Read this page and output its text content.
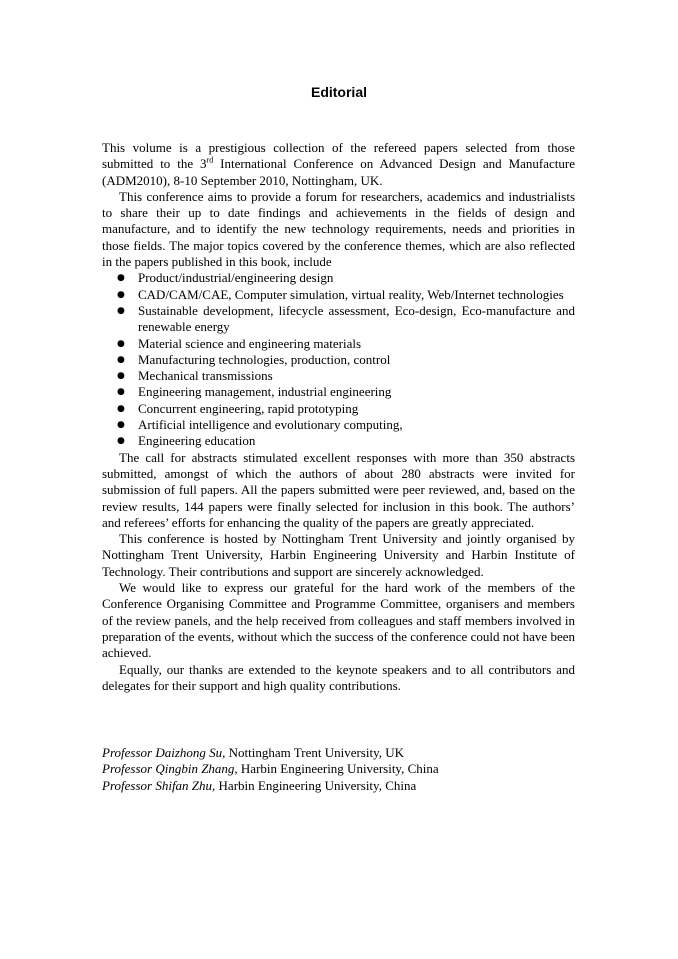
Editorial

This volume is a prestigious collection of the refereed papers selected from those submitted to the 3rd International Conference on Advanced Design and Manufacture (ADM2010), 8-10 September 2010, Nottingham, UK.

This conference aims to provide a forum for researchers, academics and industrialists to share their up to date findings and achievements in the fields of design and manufacture, and to identify the new technology requirements, needs and priorities in those fields. The major topics covered by the conference themes, which are also reflected in the papers published in this book, include

● Product/industrial/engineering design
● CAD/CAM/CAE, Computer simulation, virtual reality, Web/Internet technologies
● Sustainable development, lifecycle assessment, Eco-design, Eco-manufacture and renewable energy
● Material science and engineering materials
● Manufacturing technologies, production, control
● Mechanical transmissions
● Engineering management, industrial engineering
● Concurrent engineering, rapid prototyping
● Artificial intelligence and evolutionary computing,
● Engineering education

The call for abstracts stimulated excellent responses with more than 350 abstracts submitted, amongst of which the authors of about 280 abstracts were invited for submission of full papers. All the papers submitted were peer reviewed, and, based on the review results, 144 papers were finally selected for inclusion in this book. The authors’ and referees’ efforts for enhancing the quality of the papers are greatly appreciated.

This conference is hosted by Nottingham Trent University and jointly organised by Nottingham Trent University, Harbin Engineering University and Harbin Institute of Technology. Their contributions and support are sincerely acknowledged.

We would like to express our grateful for the hard work of the members of the Conference Organising Committee and Programme Committee, organisers and members of the review panels, and the help received from colleagues and staff members involved in preparation of the events, without which the success of the conference could not have been achieved.

Equally, our thanks are extended to the keynote speakers and to all contributors and delegates for their support and high quality contributions.

Professor Daizhong Su, Nottingham Trent University, UK

Professor Qingbin Zhang, Harbin Engineering University, China

Professor Shifan Zhu, Harbin Engineering University, China
